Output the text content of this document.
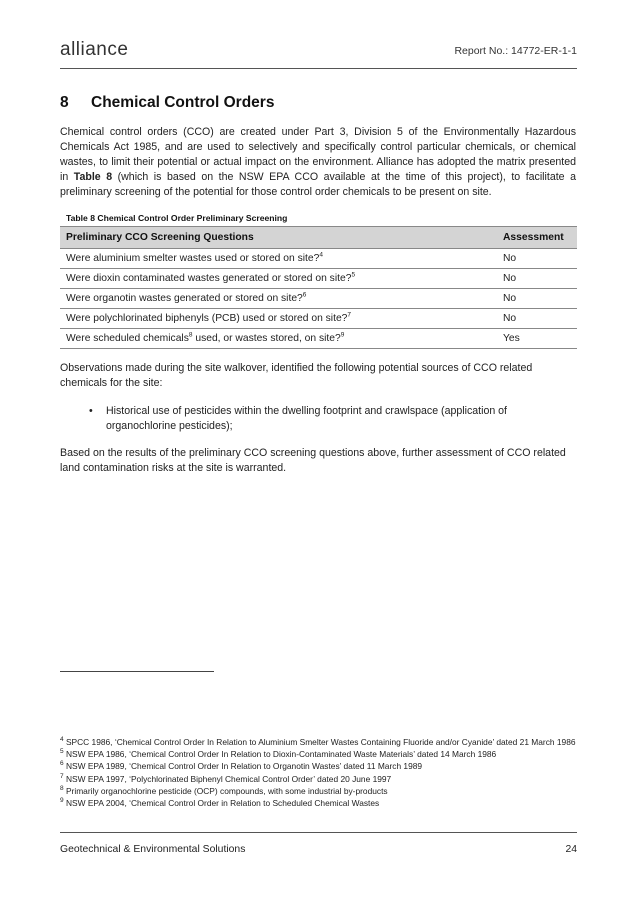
alliance	Report No.: 14772-ER-1-1
8 Chemical Control Orders

Chemical control orders (CCO) are created under Part 3, Division 5 of the Environmentally Hazardous Chemicals Act 1985, and are used to selectively and specifically control particular chemicals, or chemical wastes, to limit their potential or actual impact on the environment. Alliance has adopted the matrix presented in Table 8 (which is based on the NSW EPA CCO available at the time of this project), to facilitate a preliminary screening of the potential for those control order chemicals to be present on site.

Table 8 Chemical Control Order Preliminary Screening
Preliminary CCO Screening Questions	Assessment
Were aluminium smelter wastes used or stored on site?$^4$	No
Were dioxin contaminated wastes generated or stored on site?$^5$	No
Were organotin wastes generated or stored on site?$^6$	No
Were polychlorinated biphenyls (PCB) used or stored on site?$^7$	No
Were scheduled chemicals$^8$ used, or wastes stored, on site?$^9$	Yes

Observations made during the site walkover, identified the following potential sources of CCO related chemicals for the site:

• Historical use of pesticides within the dwelling footprint and crawlspace (application of organochlorine pesticides);

Based on the results of the preliminary CCO screening questions above, further assessment of CCO related land contamination risks at the site is warranted.

$^4$ SPCC 1986, ‘Chemical Control Order In Relation to Aluminium Smelter Wastes Containing Fluoride and/or Cyanide’ dated 21 March 1986
$^5$ NSW EPA 1986, ‘Chemical Control Order In Relation to Dioxin-Contaminated Waste Materials’ dated 14 March 1986
$^6$ NSW EPA 1989, ‘Chemical Control Order In Relation to Organotin Wastes’ dated 11 March 1989
$^7$ NSW EPA 1997, ‘Polychlorinated Biphenyl Chemical Control Order’ dated 20 June 1997
$^8$ Primarily organochlorine pesticide (OCP) compounds, with some industrial by-products
$^9$ NSW EPA 2004, ‘Chemical Control Order in Relation to Scheduled Chemical Wastes
Geotechnical & Environmental Solutions	24
